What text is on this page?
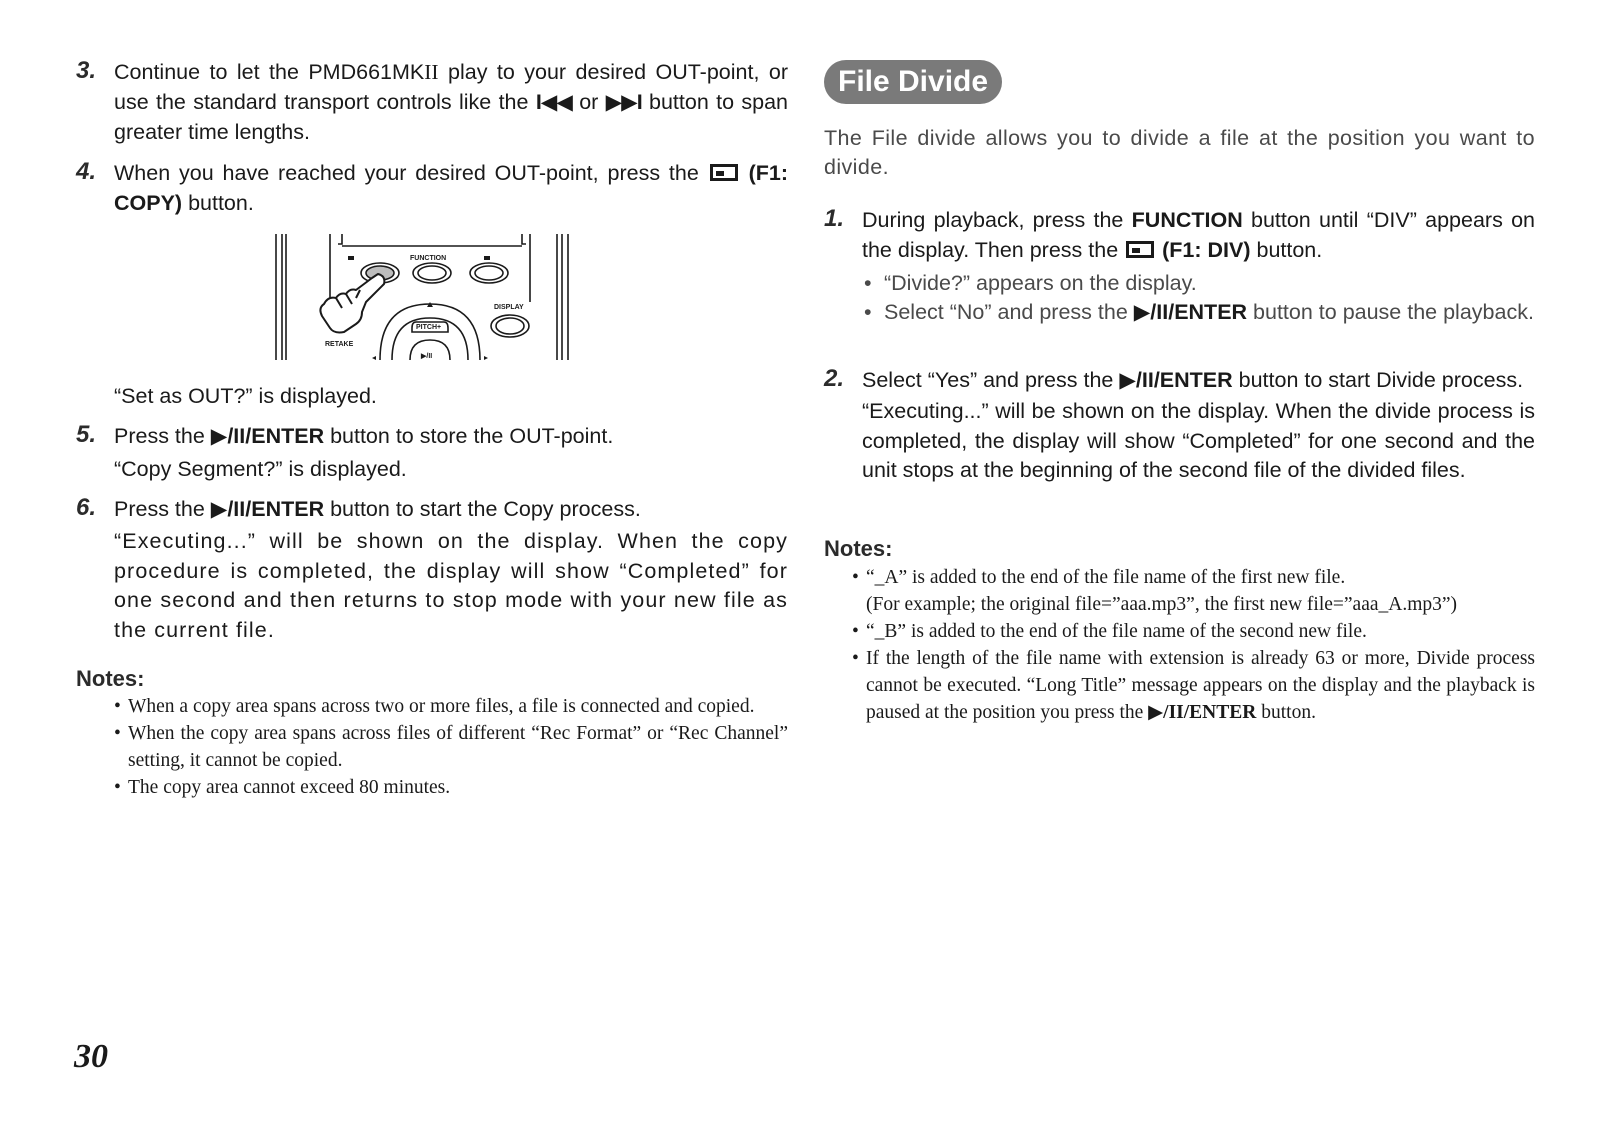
3. Continue to let the PMD661MKII play to your desired OUT-point, or use the standard transport controls like the I◀◀ or ▶▶I button to span greater time lengths.
4. When you have reached your desired OUT-point, press the  (F1: COPY) button.
FUNCTION
DISPLAY
PITCH+
RETAKE
▶/II
“Set as OUT?” is displayed.
5. Press the ▶/II/ENTER button to store the OUT-point.
“Copy Segment?” is displayed.
6. Press the ▶/II/ENTER button to start the Copy process.
“Executing...” will be shown on the display. When the copy procedure is completed, the display will show “Completed” for one second and then returns to stop mode with your new file as the current file.
Notes:
• When a copy area spans across two or more files, a file is connected and copied.
• When the copy area spans across files of different “Rec Format” or “Rec Channel” setting, it cannot be copied.
• The copy area cannot exceed 80 minutes.
File Divide
The File divide allows you to divide a file at the position you want to divide.
1. During playback, press the FUNCTION button until “DIV” appears on the display. Then press the  (F1: DIV) button.
• “Divide?” appears on the display.
• Select “No” and press the ▶/II/ENTER button to pause the playback.
2. Select “Yes” and press the ▶/II/ENTER button to start Divide process.
“Executing...” will be shown on the display. When the divide process is completed, the display will show “Completed” for one second and the unit stops at the beginning of the second file of the divided files.
Notes:
• “_A” is added to the end of the file name of the first new file.
(For example; the original file=”aaa.mp3”, the first new file=”aaa_A.mp3”)
• “_B” is added to the end of the file name of the second new file.
• If the length of the file name with extension is already 63 or more, Divide process cannot be executed. “Long Title” message appears on the display and the playback is paused at the position you press the ▶/II/ENTER button.
30
